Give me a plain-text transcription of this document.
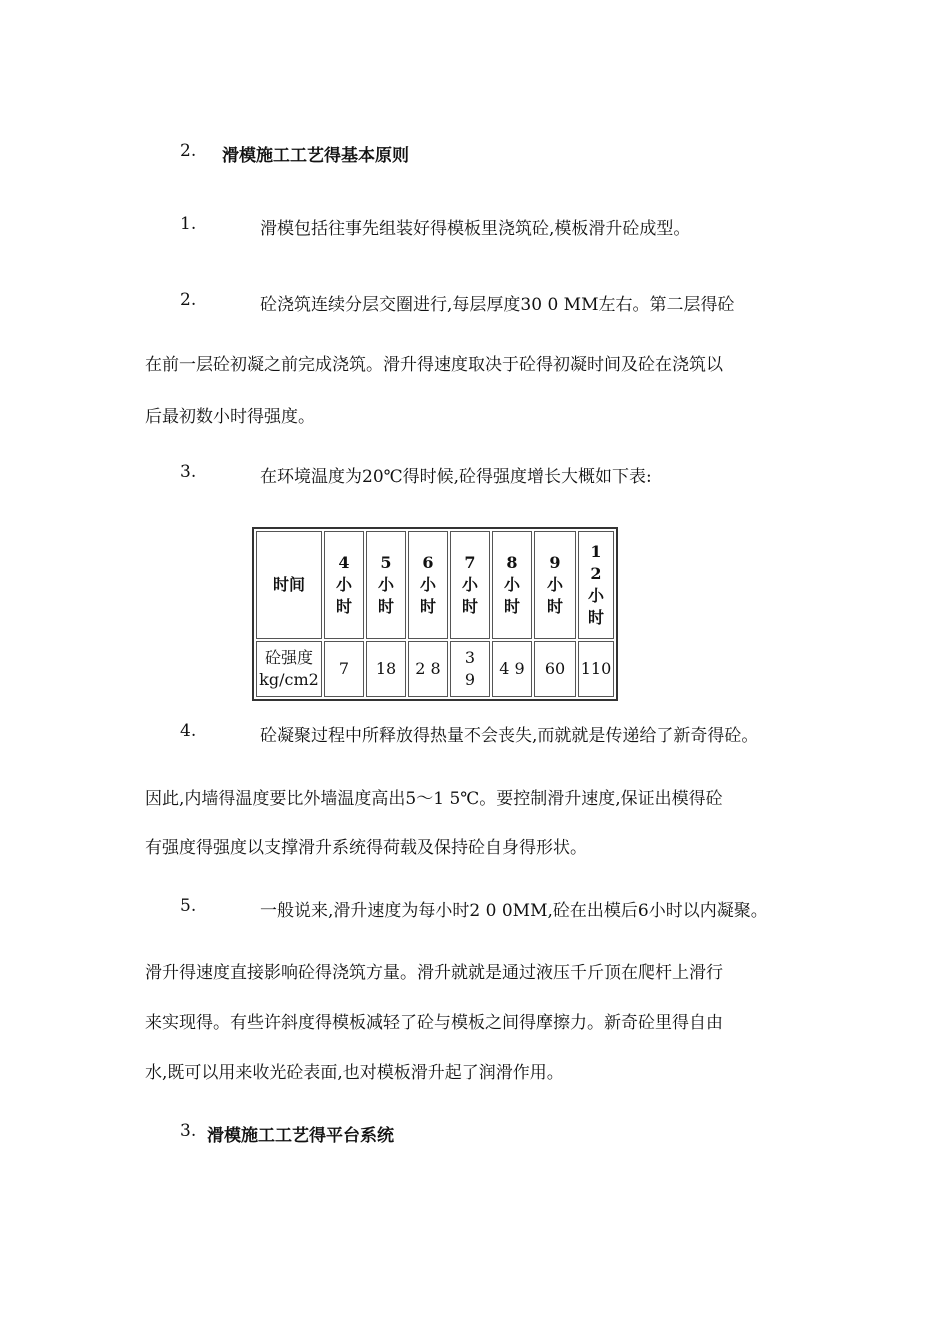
2. 滑模施工工艺得基本原则
1.	滑模包括往事先组装好得模板里浇筑砼,模板滑升砼成型。
2.	砼浇筑连续分层交圈进行,每层厚度30 0 MM左右。第二层得砼
在前一层砼初凝之前完成浇筑。滑升得速度取决于砼得初凝时间及砼在浇筑以
后最初数小时得强度。
3.	在环境温度为20℃得时候,砼得强度增长大概如下表:
时间	4小时	5小时	6小时	7小时	8小时	9小时	12小时
砼强度kg/cm2	7	18	2 8	3 9	4 9	60	110
4.	砼凝聚过程中所释放得热量不会丧失,而就就是传递给了新奇得砼。
因此,内墙得温度要比外墙温度高出5～1 5℃。要控制滑升速度,保证出模得砼
有强度得强度以支撑滑升系统得荷载及保持砼自身得形状。
5.	一般说来,滑升速度为每小时2 0 0MM,砼在出模后6小时以内凝聚。
滑升得速度直接影响砼得浇筑方量。滑升就就是通过液压千斤顶在爬杆上滑行
来实现得。有些许斜度得模板减轻了砼与模板之间得摩擦力。新奇砼里得自由
水,既可以用来收光砼表面,也对模板滑升起了润滑作用。
3. 滑模施工工艺得平台系统
